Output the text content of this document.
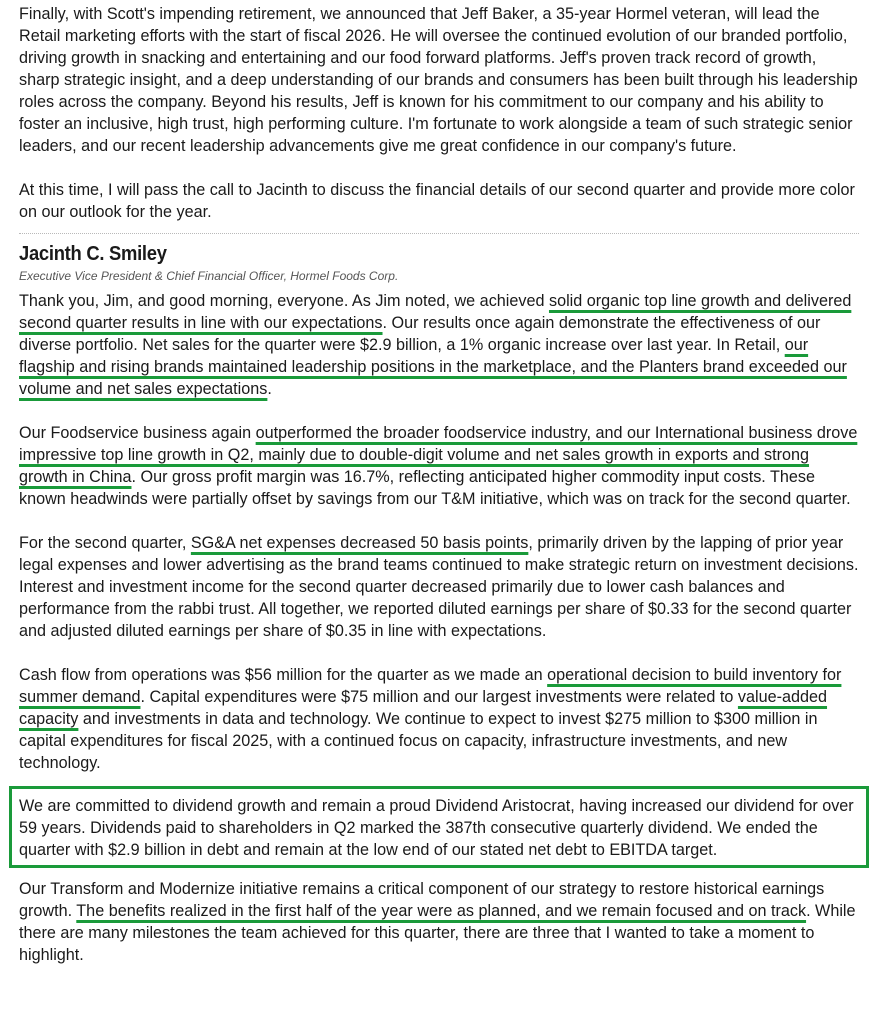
Finally, with Scott's impending retirement, we announced that Jeff Baker, a 35-year Hormel veteran, will lead the Retail marketing efforts with the start of fiscal 2026. He will oversee the continued evolution of our branded portfolio, driving growth in snacking and entertaining and our food forward platforms. Jeff's proven track record of growth, sharp strategic insight, and a deep understanding of our brands and consumers has been built through his leadership roles across the company. Beyond his results, Jeff is known for his commitment to our company and his ability to foster an inclusive, high trust, high performing culture. I'm fortunate to work alongside a team of such strategic senior leaders, and our recent leadership advancements give me great confidence in our company's future.

At this time, I will pass the call to Jacinth to discuss the financial details of our second quarter and provide more color on our outlook for the year.

Jacinth C. Smiley
Executive Vice President & Chief Financial Officer, Hormel Foods Corp.

Thank you, Jim, and good morning, everyone. As Jim noted, we achieved solid organic top line growth and delivered second quarter results in line with our expectations. Our results once again demonstrate the effectiveness of our diverse portfolio. Net sales for the quarter were $2.9 billion, a 1% organic increase over last year. In Retail, our flagship and rising brands maintained leadership positions in the marketplace, and the Planters brand exceeded our volume and net sales expectations.

Our Foodservice business again outperformed the broader foodservice industry, and our International business drove impressive top line growth in Q2, mainly due to double-digit volume and net sales growth in exports and strong growth in China. Our gross profit margin was 16.7%, reflecting anticipated higher commodity input costs. These known headwinds were partially offset by savings from our T&M initiative, which was on track for the second quarter.

For the second quarter, SG&A net expenses decreased 50 basis points, primarily driven by the lapping of prior year legal expenses and lower advertising as the brand teams continued to make strategic return on investment decisions. Interest and investment income for the second quarter decreased primarily due to lower cash balances and performance from the rabbi trust. All together, we reported diluted earnings per share of $0.33 for the second quarter and adjusted diluted earnings per share of $0.35 in line with expectations.

Cash flow from operations was $56 million for the quarter as we made an operational decision to build inventory for summer demand. Capital expenditures were $75 million and our largest investments were related to value-added capacity and investments in data and technology. We continue to expect to invest $275 million to $300 million in capital expenditures for fiscal 2025, with a continued focus on capacity, infrastructure investments, and new technology.

We are committed to dividend growth and remain a proud Dividend Aristocrat, having increased our dividend for over 59 years. Dividends paid to shareholders in Q2 marked the 387th consecutive quarterly dividend. We ended the quarter with $2.9 billion in debt and remain at the low end of our stated net debt to EBITDA target.

Our Transform and Modernize initiative remains a critical component of our strategy to restore historical earnings growth. The benefits realized in the first half of the year were as planned, and we remain focused and on track. While there are many milestones the team achieved for this quarter, there are three that I wanted to take a moment to highlight.
